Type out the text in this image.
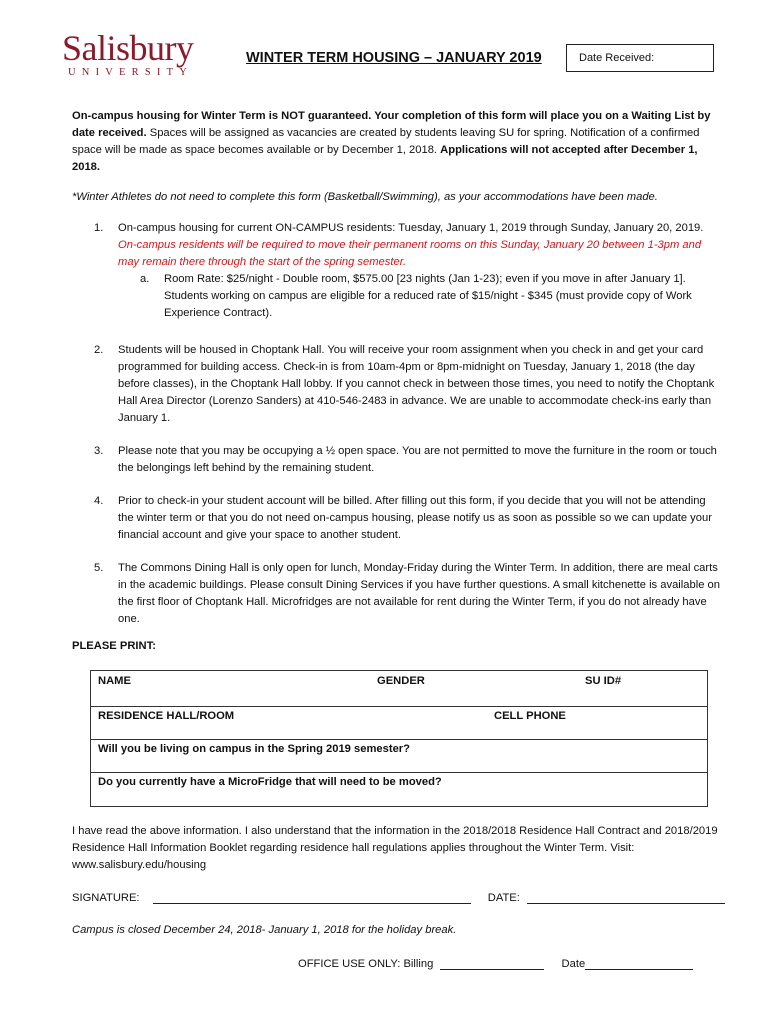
Salisbury
UNIVERSITY
WINTER TERM HOUSING – JANUARY 2019	Date Received:
On-campus housing for Winter Term is NOT guaranteed. Your completion of this form will place you on a Waiting List by date received. Spaces will be assigned as vacancies are created by students leaving SU for spring. Notification of a confirmed space will be made as space becomes available or by December 1, 2018. Applications will not accepted after December 1, 2018.
*Winter Athletes do not need to complete this form (Basketball/Swimming), as your accommodations have been made.
1. On-campus housing for current ON-CAMPUS residents: Tuesday, January 1, 2019 through Sunday, January 20, 2019. On-campus residents will be required to move their permanent rooms on this Sunday, January 20 between 1-3pm and may remain there through the start of the spring semester.
a. Room Rate: $25/night - Double room, $575.00 [23 nights (Jan 1-23); even if you move in after January 1]. Students working on campus are eligible for a reduced rate of $15/night - $345 (must provide copy of Work Experience Contract).
2. Students will be housed in Choptank Hall. You will receive your room assignment when you check in and get your card programmed for building access. Check-in is from 10am-4pm or 8pm-midnight on Tuesday, January 1, 2018 (the day before classes), in the Choptank Hall lobby. If you cannot check in between those times, you need to notify the Choptank Hall Area Director (Lorenzo Sanders) at 410-546-2483 in advance. We are unable to accommodate check-ins early than January 1.
3. Please note that you may be occupying a ½ open space. You are not permitted to move the furniture in the room or touch the belongings left behind by the remaining student.
4. Prior to check-in your student account will be billed. After filling out this form, if you decide that you will not be attending the winter term or that you do not need on-campus housing, please notify us as soon as possible so we can update your financial account and give your space to another student.
5. The Commons Dining Hall is only open for lunch, Monday-Friday during the Winter Term. In addition, there are meal carts in the academic buildings. Please consult Dining Services if you have further questions. A small kitchenette is available on the first floor of Choptank Hall. Microfridges are not available for rent during the Winter Term, if you do not already have one.
PLEASE PRINT:
NAME	GENDER	SU ID#
RESIDENCE HALL/ROOM	CELL PHONE
Will you be living on campus in the Spring 2019 semester?
Do you currently have a MicroFridge that will need to be moved?
I have read the above information. I also understand that the information in the 2018/2018 Residence Hall Contract and 2018/2019 Residence Hall Information Booklet regarding residence hall regulations applies throughout the Winter Term. Visit: www.salisbury.edu/housing
SIGNATURE:	DATE:
Campus is closed December 24, 2018- January 1, 2018 for the holiday break.
OFFICE USE ONLY: Billing	Date
